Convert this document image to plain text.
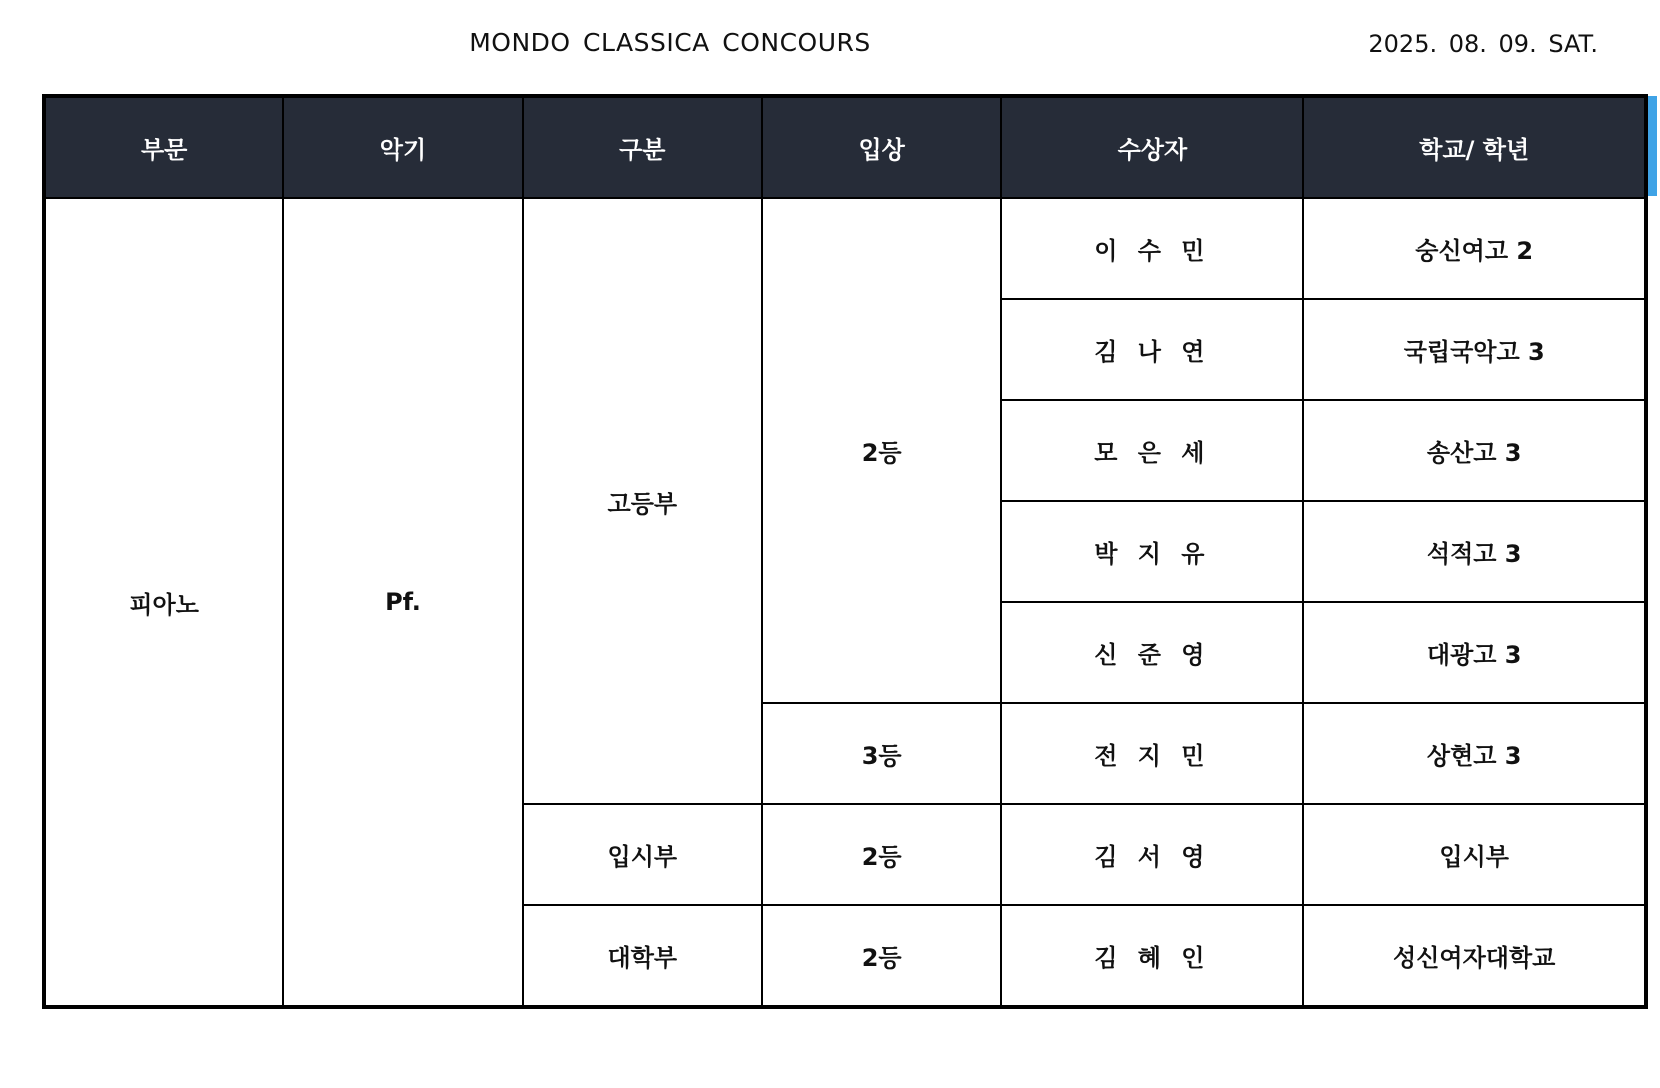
MONDO CLASSICA CONCOURS	2025. 08. 09. SAT.
부문	악기	구분	입상	수상자	학교/ 학년
피아노	Pf.	고등부	2등	이 수 민	숭신여고 2
				김 나 연	국립국악고 3
				모 은 세	송산고 3
				박 지 유	석적고 3
				신 준 영	대광고 3
			3등	전 지 민	상현고 3
		입시부	2등	김 서 영	입시부
		대학부	2등	김 혜 인	성신여자대학교
